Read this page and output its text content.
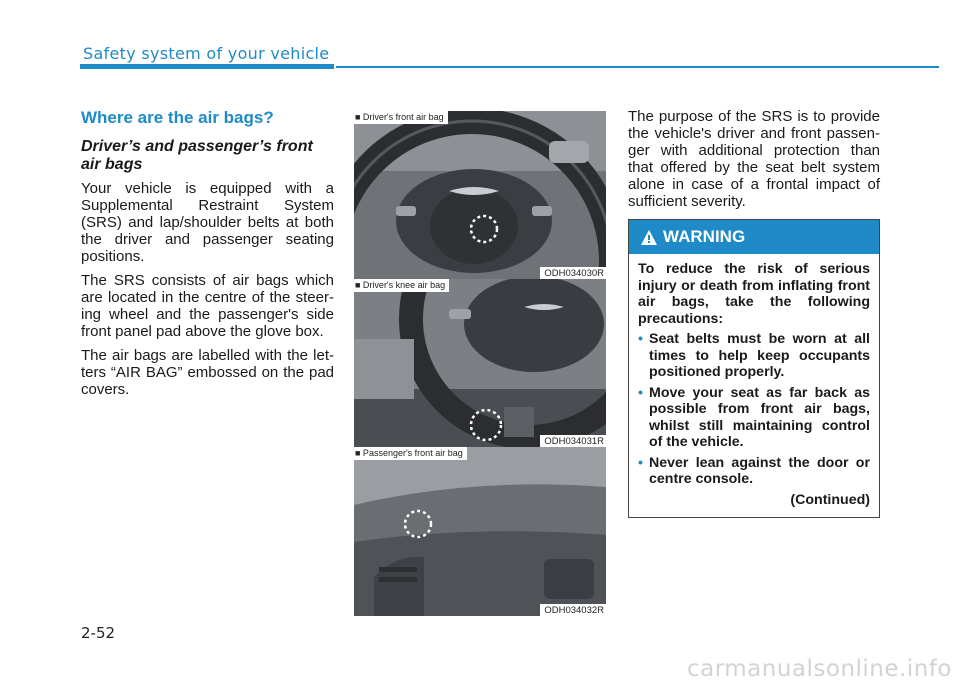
Safety system of your vehicle
Where are the air bags?
Driver’s and passenger’s front air bags

Your vehicle is equipped with a Supplemental Restraint System (SRS) and lap/shoulder belts at both the driver and passenger seating positions.

The SRS consists of air bags which are located in the centre of the steer-ing wheel and the passenger's side front panel pad above the glove box.

The air bags are labelled with the let-ters “AIR BAG” embossed on the pad covers.

■ Driver's front air bag
ODH034030R
■ Driver's knee air bag
ODH034031R
■ Passenger's front air bag
ODH034032R

The purpose of the SRS is to provide the vehicle's driver and front passen-ger with additional protection than that offered by the seat belt system alone in case of a frontal impact of sufficient severity.

WARNING

To reduce the risk of serious injury or death from inflating front air bags, take the following precautions:

• Seat belts must be worn at all times to help keep occupants positioned properly.
• Move your seat as far back as possible from front air bags, whilst still maintaining control of the vehicle.
• Never lean against the door or centre console.
(Continued)
2-52
carmanualsonline.info
